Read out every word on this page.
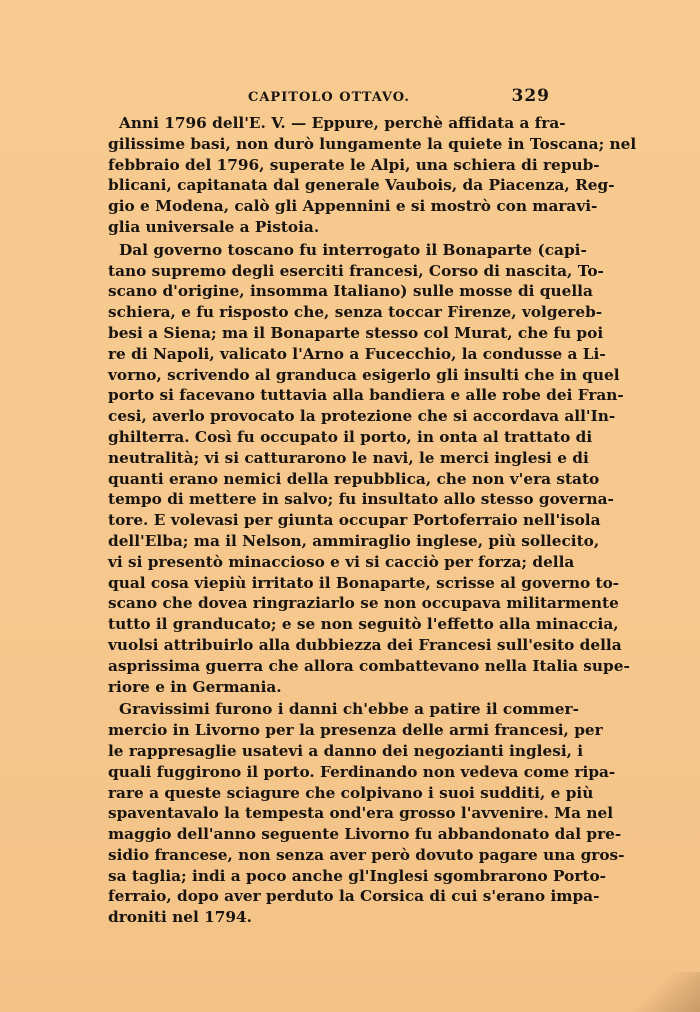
CAPITOLO OTTAVO.	329
Anni 1796 dell'E. V. — Eppure, perchè affidata a fra-
gilissime basi, non durò lungamente la quiete in Toscana; nel
febbraio del 1796, superate le Alpi, una schiera di repub-
blicani, capitanata dal generale Vaubois, da Piacenza, Reg-
gio e Modena, calò gli Appennini e si mostrò con maravi-
glia universale a Pistoia.
Dal governo toscano fu interrogato il Bonaparte (capi-
tano supremo degli eserciti francesi, Corso di nascita, To-
scano d'origine, insomma Italiano) sulle mosse di quella
schiera, e fu risposto che, senza toccar Firenze, volgereb-
besi a Siena; ma il Bonaparte stesso col Murat, che fu poi
re di Napoli, valicato l'Arno a Fucecchio, la condusse a Li-
vorno, scrivendo al granduca esigerlo gli insulti che in quel
porto si facevano tuttavia alla bandiera e alle robe dei Fran-
cesi, averlo provocato la protezione che si accordava all'In-
ghilterra. Così fu occupato il porto, in onta al trattato di
neutralità; vi si catturarono le navi, le merci inglesi e di
quanti erano nemici della repubblica, che non v'era stato
tempo di mettere in salvo; fu insultato allo stesso governa-
tore. E volevasi per giunta occupar Portoferraio nell'isola
dell'Elba; ma il Nelson, ammiraglio inglese, più sollecito,
vi si presentò minaccioso e vi si cacciò per forza; della
qual cosa viepiù irritato il Bonaparte, scrisse al governo to-
scano che dovea ringraziarlo se non occupava militarmente
tutto il granducato; e se non seguitò l'effetto alla minaccia,
vuolsi attribuirlo alla dubbiezza dei Francesi sull'esito della
asprissima guerra che allora combattevano nella Italia supe-
riore e in Germania.
Gravissimi furono i danni ch'ebbe a patire il commer-
mercio in Livorno per la presenza delle armi francesi, per
le rappresaglie usatevi a danno dei negozianti inglesi, i
quali fuggirono il porto. Ferdinando non vedeva come ripa-
rare a queste sciagure che colpivano i suoi sudditi, e più
spaventavalo la tempesta ond'era grosso l'avvenire. Ma nel
maggio dell'anno seguente Livorno fu abbandonato dal pre-
sidio francese, non senza aver però dovuto pagare una gros-
sa taglia; indi a poco anche gl'Inglesi sgombrarono Porto-
ferraio, dopo aver perduto la Corsica di cui s'erano impa-
droniti nel 1794.
